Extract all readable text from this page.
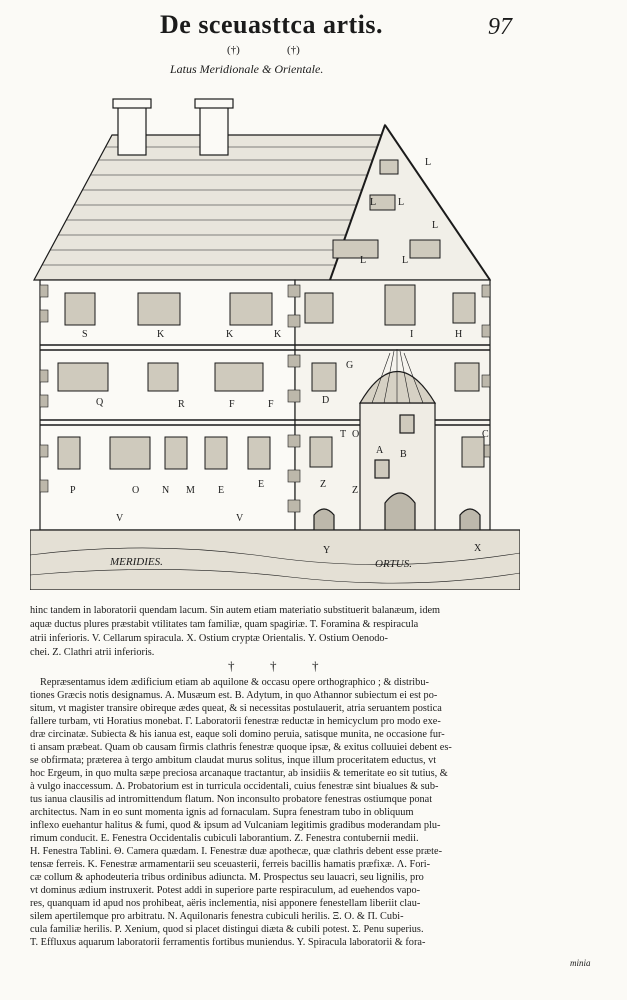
De sceuasttca artis.	97
(†)	(†)
Latus Meridionale & Orientale.
L L
L
L	L
L
S	K	K	K	I	H
Q	R	F	F	D
T O	C
P	O N M E
E	Z
Z
X
Y
V	V
A
G
B
MERIDIES.	ORTUS.
†	†	†
hinc tandem in laboratorii quendam lacum. Sin autem etiam materiatio substituerit balanæum, idem
aquæ ductus plures præstabit vtilitates tam familiæ, quam spagiriæ. T. Foramina & respiracula
atrii inferioris. V. Cellarum spiracula. X. Ostium cryptæ Orientalis. Y. Ostium Oenodo-
chei. Z. Clathri atrii inferioris.
Repræsentamus idem ædificium etiam ab aquilone & occasu opere orthographico ; & distribu-
tiones Græcis notis designamus. A. Musæum est. B. Adytum, in quo Athannor subiectum ei est po-
situm, vt magister transire obireque ædes queat, & si necessitas postulauerit, atria seruantem postica
fallere turbam, vti Horatius monebat. Γ. Laboratorii fenestræ reductæ in hemicyclum pro modo exe-
dræ circinatæ. Subiecta & his ianua est, eaque soli domino peruia, satisque munita, ne occasione fur-
ti ansam præbeat. Quam ob causam firmis clathris fenestræ quoque ipsæ, & exitus colluuiei debent es-
se obfirmata; præterea à tergo ambitum claudat murus solitus, inque illum proceritatem eductus, vt
hoc Ergeum, in quo multa sæpe preciosa arcanaque tractantur, ab insidiis & temeritate eo sit tutius, &
à vulgo inaccessum. Δ. Probatorium est in turricula occidentali, cuius fenestræ sint biualues & sub-
tus ianua clausilis ad intromittendum flatum. Non inconsulto probatore fenestras ostiumque ponat
architectus. Nam in eo sunt momenta ignis ad fornaculam. Supra fenestram tubo in obliquum
inflexo euehantur halitus & fumi, quod & ipsum ad Vulcaniam legitimis gradibus moderandam plu-
rimum conducit. E. Fenestra Occidentalis cubiculi laborantium. Z. Fenestra contubernii medii.
H. Fenestra Tablini. Θ. Camera quædam. I. Fenestræ duæ apothecæ, quæ clathris debent esse præte-
tensæ ferreis. K. Fenestræ armamentarii seu sceuasterii, ferreis bacillis hamatis præfixæ. Λ. Fori-
cæ collum & aphodeuteria tribus ordinibus adiuncta. M. Prospectus seu lauacri, seu lignilis, pro
vt dominus ædium instruxerit. Potest addi in superiore parte respiraculum, ad euehendos vapo-
res, quanquam id apud nos prohibeat, aëris inclementia, nisi apponere fenestellam liberiit clau-
silem apertilemque pro arbitratu. N. Aquilonaris fenestra cubiculi herilis. Ξ. O. & Π. Cubi-
cula familiæ herilis. P. Xenium, quod si placet distingui diæta & cubili potest. Σ. Penu superius.
T. Effluxus aquarum laboratorii ferramentis fortibus muniendus. Y. Spiracula laboratorii & fora-
minia
